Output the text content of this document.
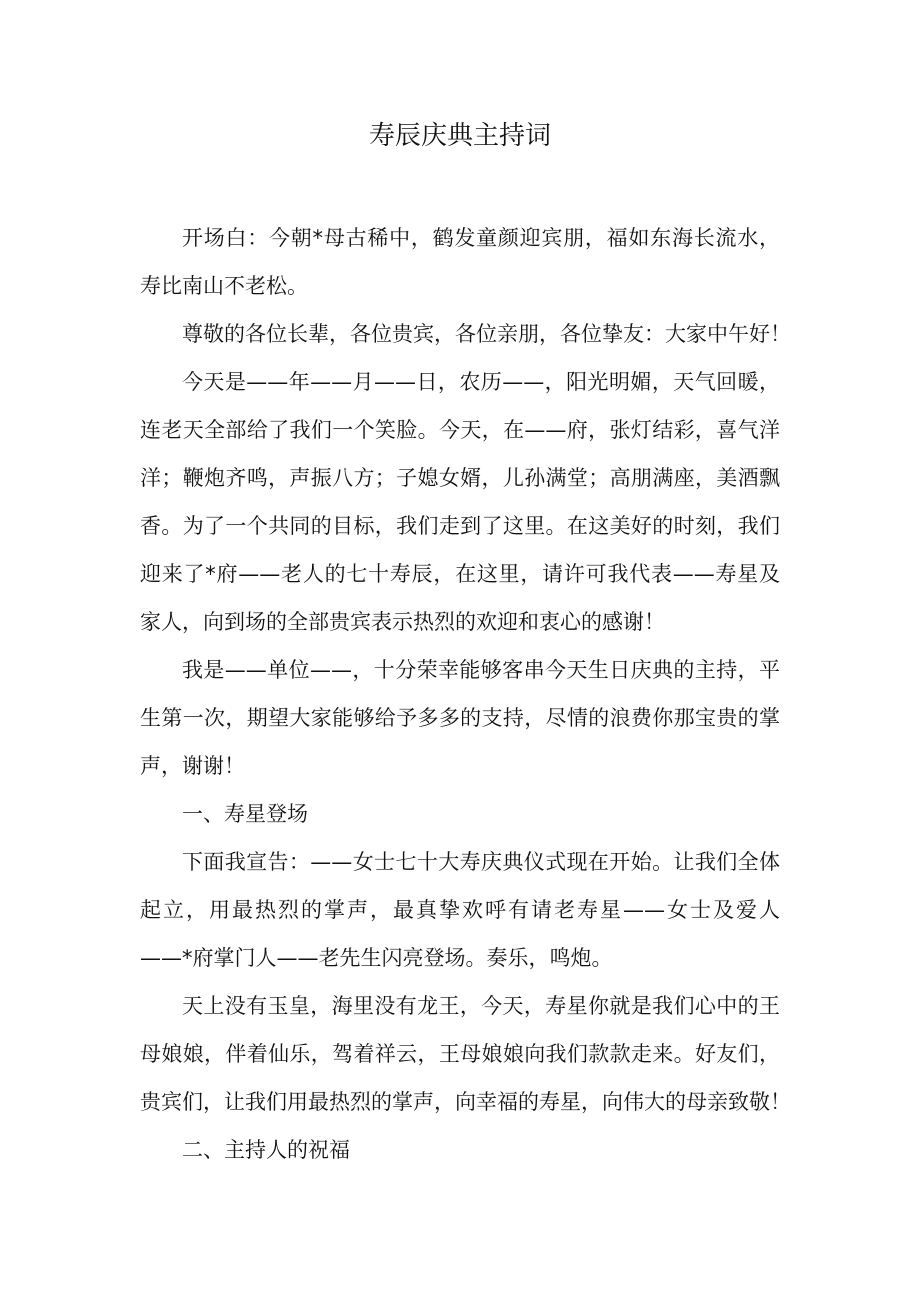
寿辰庆典主持词
开场白：今朝*母古稀中，鹤发童颜迎宾朋，福如东海长流水，
寿比南山不老松。
尊敬的各位长辈，各位贵宾，各位亲朋，各位挚友：大家中午好！
今天是——年——月——日，农历——，阳光明媚，天气回暖，
连老天全部给了我们一个笑脸。今天，在——府，张灯结彩，喜气洋
洋；鞭炮齐鸣，声振八方；子媳女婿，儿孙满堂；高朋满座，美酒飘
香。为了一个共同的目标，我们走到了这里。在这美好的时刻，我们
迎来了*府——老人的七十寿辰，在这里，请许可我代表——寿星及
家人，向到场的全部贵宾表示热烈的欢迎和衷心的感谢！
我是——单位——，十分荣幸能够客串今天生日庆典的主持，平
生第一次，期望大家能够给予多多的支持，尽情的浪费你那宝贵的掌
声，谢谢！
一、寿星登场
下面我宣告：——女士七十大寿庆典仪式现在开始。让我们全体
起立，用最热烈的掌声，最真挚欢呼有请老寿星——女士及爱人
——*府掌门人——老先生闪亮登场。奏乐，鸣炮。
天上没有玉皇，海里没有龙王，今天，寿星你就是我们心中的王
母娘娘，伴着仙乐，驾着祥云，王母娘娘向我们款款走来。好友们，
贵宾们，让我们用最热烈的掌声，向幸福的寿星，向伟大的母亲致敬！
二、主持人的祝福
